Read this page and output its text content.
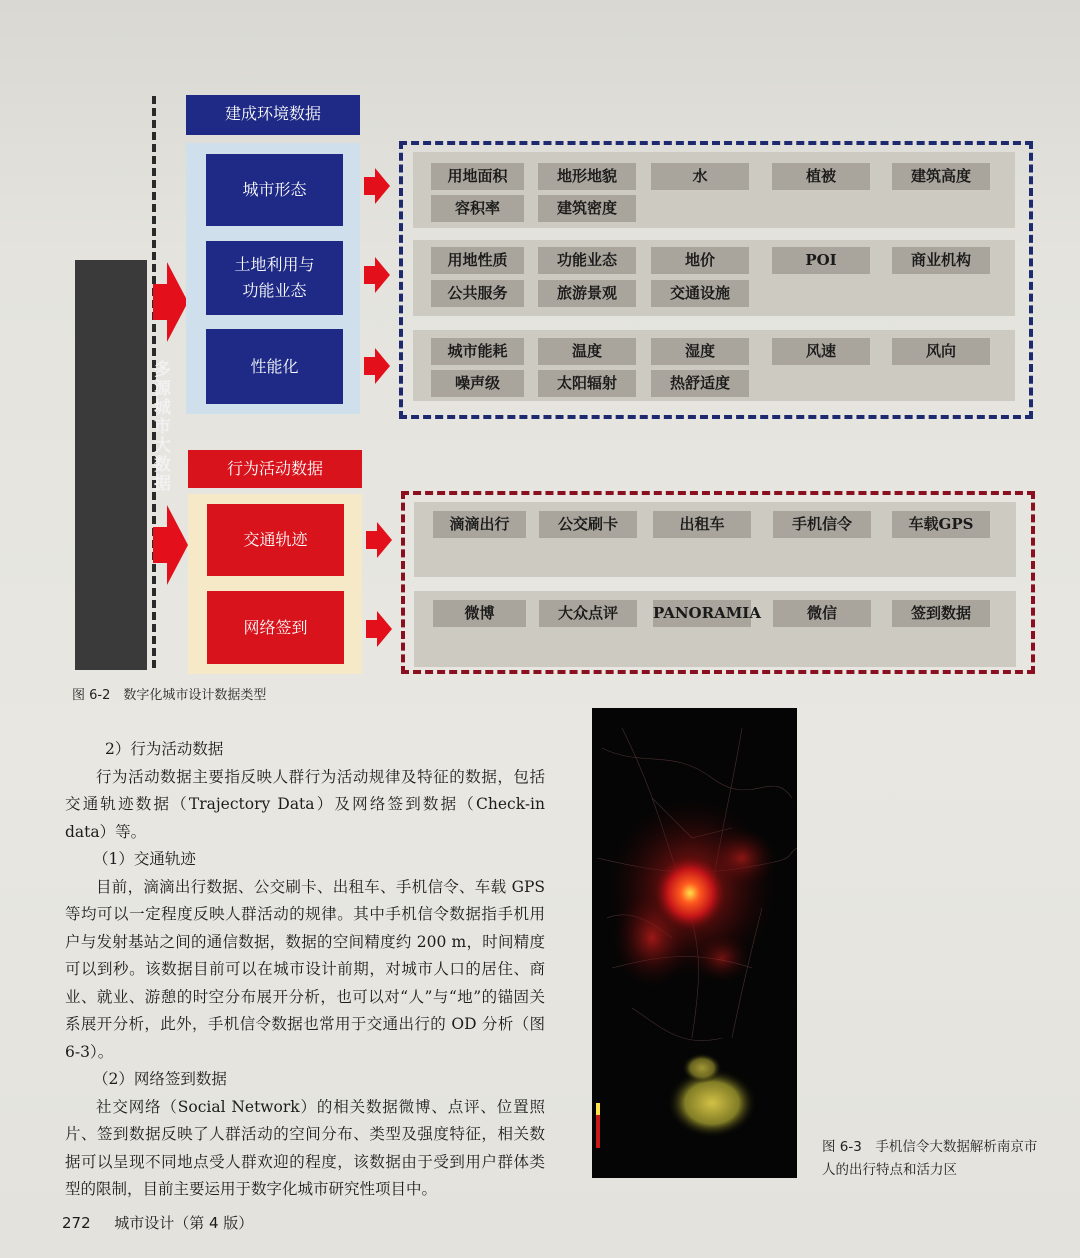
多源城市大数据
建成环境数据
城市形态
土地利用与
功能业态
性能化
行为活动数据
交通轨迹
网络签到
用地面积	地形地貌	水	植被	建筑高度
容积率	建筑密度
用地性质	功能业态	地价	POI	商业机构
公共服务	旅游景观	交通设施
城市能耗	温度	湿度	风速	风向
噪声级	太阳辐射	热舒适度
滴滴出行	公交刷卡	出租车	手机信令	车载GPS
微博	大众点评	PANORAMIA	微信	签到数据
图 6-2　数字化城市设计数据类型

2）行为活动数据

行为活动数据主要指反映人群行为活动规律及特征的数据，包括交通轨迹数据（Trajectory Data）及网络签到数据（Check-in data）等。

（1）交通轨迹

目前，滴滴出行数据、公交刷卡、出租车、手机信令、车载 GPS 等均可以一定程度反映人群活动的规律。其中手机信令数据指手机用户与发射基站之间的通信数据，数据的空间精度约 200 m，时间精度可以到秒。该数据目前可以在城市设计前期，对城市人口的居住、商业、就业、游憩的时空分布展开分析，也可以对“人”与“地”的锚固关系展开分析，此外，手机信令数据也常用于交通出行的 OD 分析（图 6-3）。

（2）网络签到数据

社交网络（Social Network）的相关数据微博、点评、位置照片、签到数据反映了人群活动的空间分布、类型及强度特征，相关数据可以呈现不同地点受人群欢迎的程度，该数据由于受到用户群体类型的限制，目前主要运用于数字化城市研究性项目中。

图 6-3　手机信令大数据解析南京市人的出行特点和活力区
272 城市设计（第 4 版）
